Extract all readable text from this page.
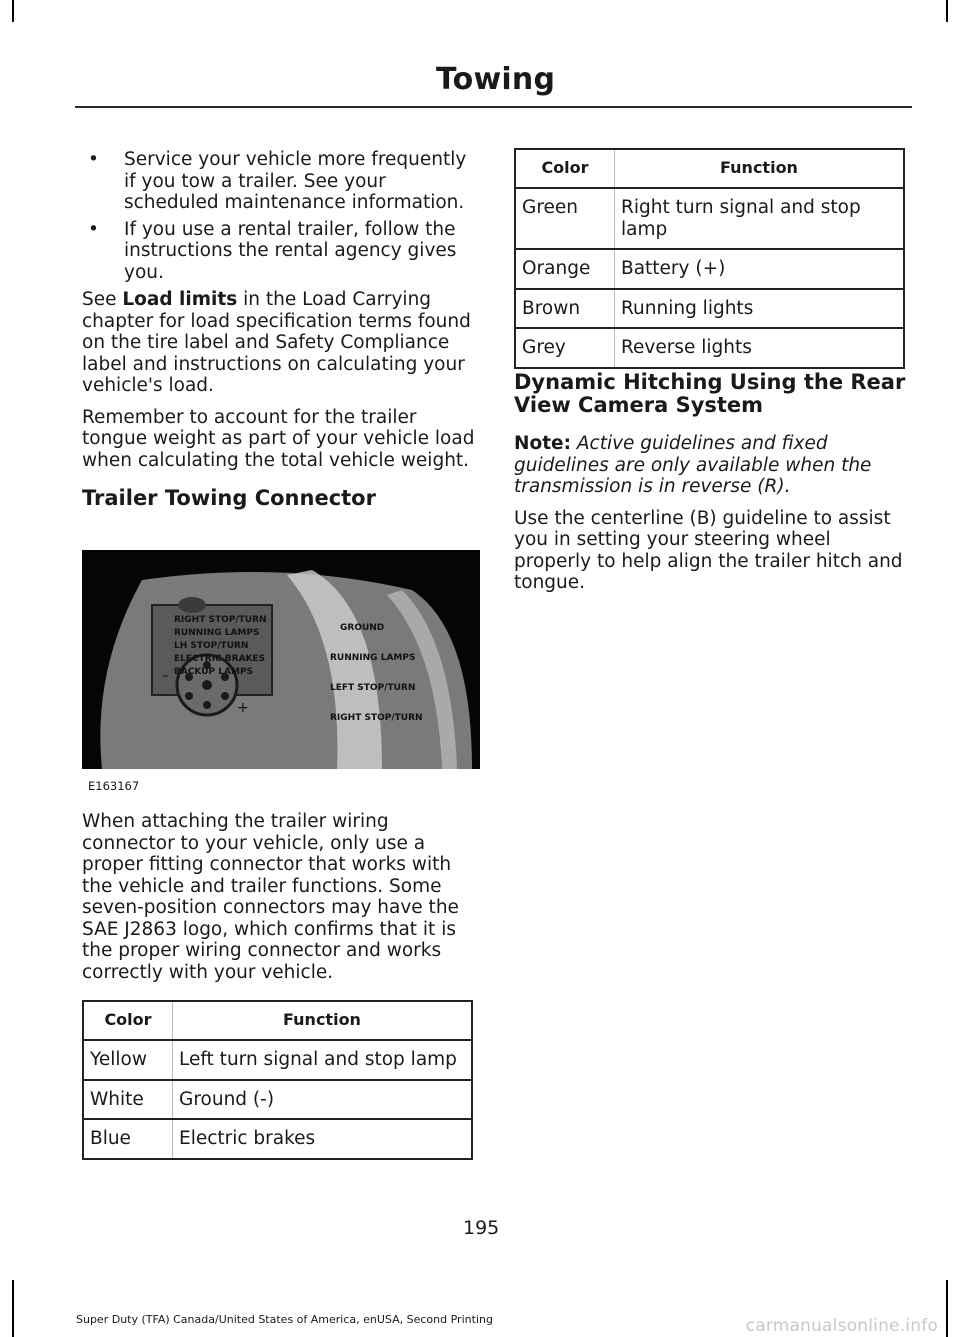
Towing
• Service your vehicle more frequently if you tow a trailer. See your scheduled maintenance information.
• If you use a rental trailer, follow the instructions the rental agency gives you.

See Load limits in the Load Carrying chapter for load specification terms found on the tire label and Safety Compliance label and instructions on calculating your vehicle's load.

Remember to account for the trailer tongue weight as part of your vehicle load when calculating the total vehicle weight.

Trailer Towing Connector
–
+
RIGHT STOP/TURN
RUNNING LAMPS
LH STOP/TURN
ELECTRIC BRAKES
BACKUP LAMPS
GROUND
RUNNING LAMPS
LEFT STOP/TURN
RIGHT STOP/TURN
E163167

When attaching the trailer wiring connector to your vehicle, only use a proper fitting connector that works with the vehicle and trailer functions. Some seven-position connectors may have the SAE J2863 logo, which confirms that it is the proper wiring connector and works correctly with your vehicle.

Color	Function
Yellow	Left turn signal and stop lamp
White	Ground (-)
Blue	Electric brakes
Color	Function
Green	Right turn signal and stop lamp
Orange	Battery (+)
Brown	Running lights
Grey	Reverse lights
Dynamic Hitching Using the Rear View Camera System

Note: Active guidelines and fixed guidelines are only available when the transmission is in reverse (R).

Use the centerline (B) guideline to assist you in setting your steering wheel properly to help align the trailer hitch and tongue.

195
Super Duty (TFA) Canada/United States of America, enUSA, Second Printing	carmanualsonline.info
